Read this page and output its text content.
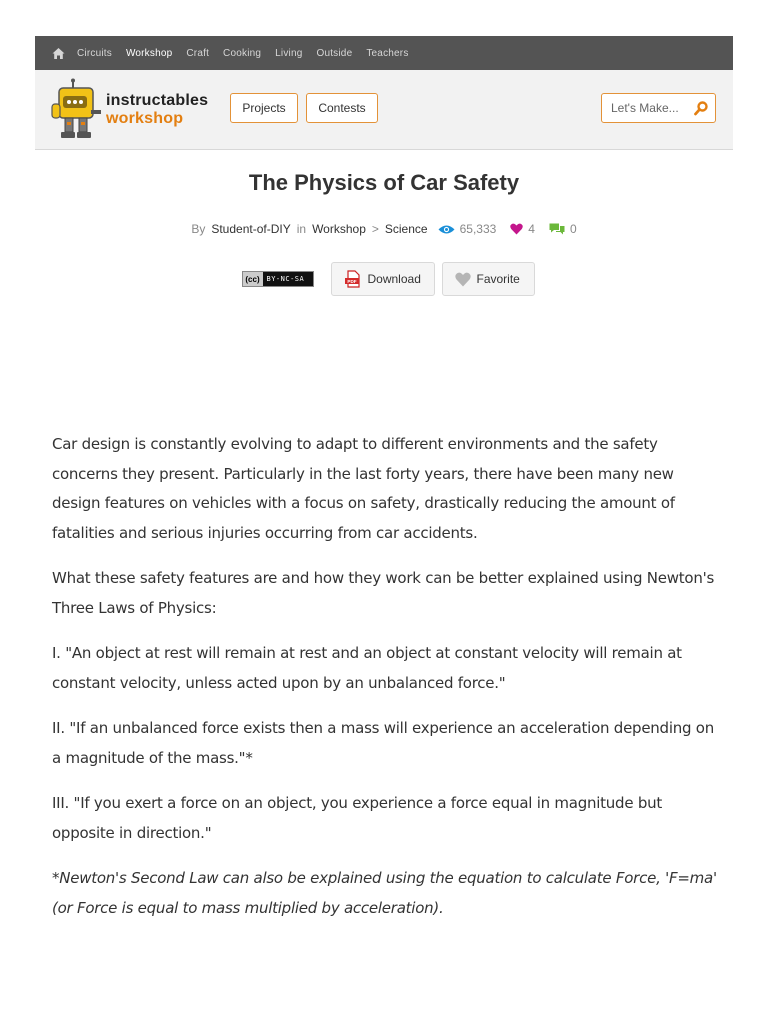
Circuits Workshop Craft Cooking Living Outside Teachers
instructables
workshop
Projects	Contests
Let's Make...
The Physics of Car Safety
By Student-of-DIY in Workshop > Science	65,333	4	0
(cc) BY-NC-SA	PDF Download	Favorite

Car design is constantly evolving to adapt to different environments and the safety concerns they present. Particularly in the last forty years, there have been many new design features on vehicles with a focus on safety, drastically reducing the amount of fatalities and serious injuries occurring from car accidents.

What these safety features are and how they work can be better explained using Newton's Three Laws of Physics:

I. "An object at rest will remain at rest and an object at constant velocity will remain at constant velocity, unless acted upon by an unbalanced force."

II. "If an unbalanced force exists then a mass will experience an acceleration depending on a magnitude of the mass."*

III. "If you exert a force on an object, you experience a force equal in magnitude but opposite in direction."

*Newton's Second Law can also be explained using the equation to calculate Force, 'F=ma' (or Force is equal to mass multiplied by acceleration).
